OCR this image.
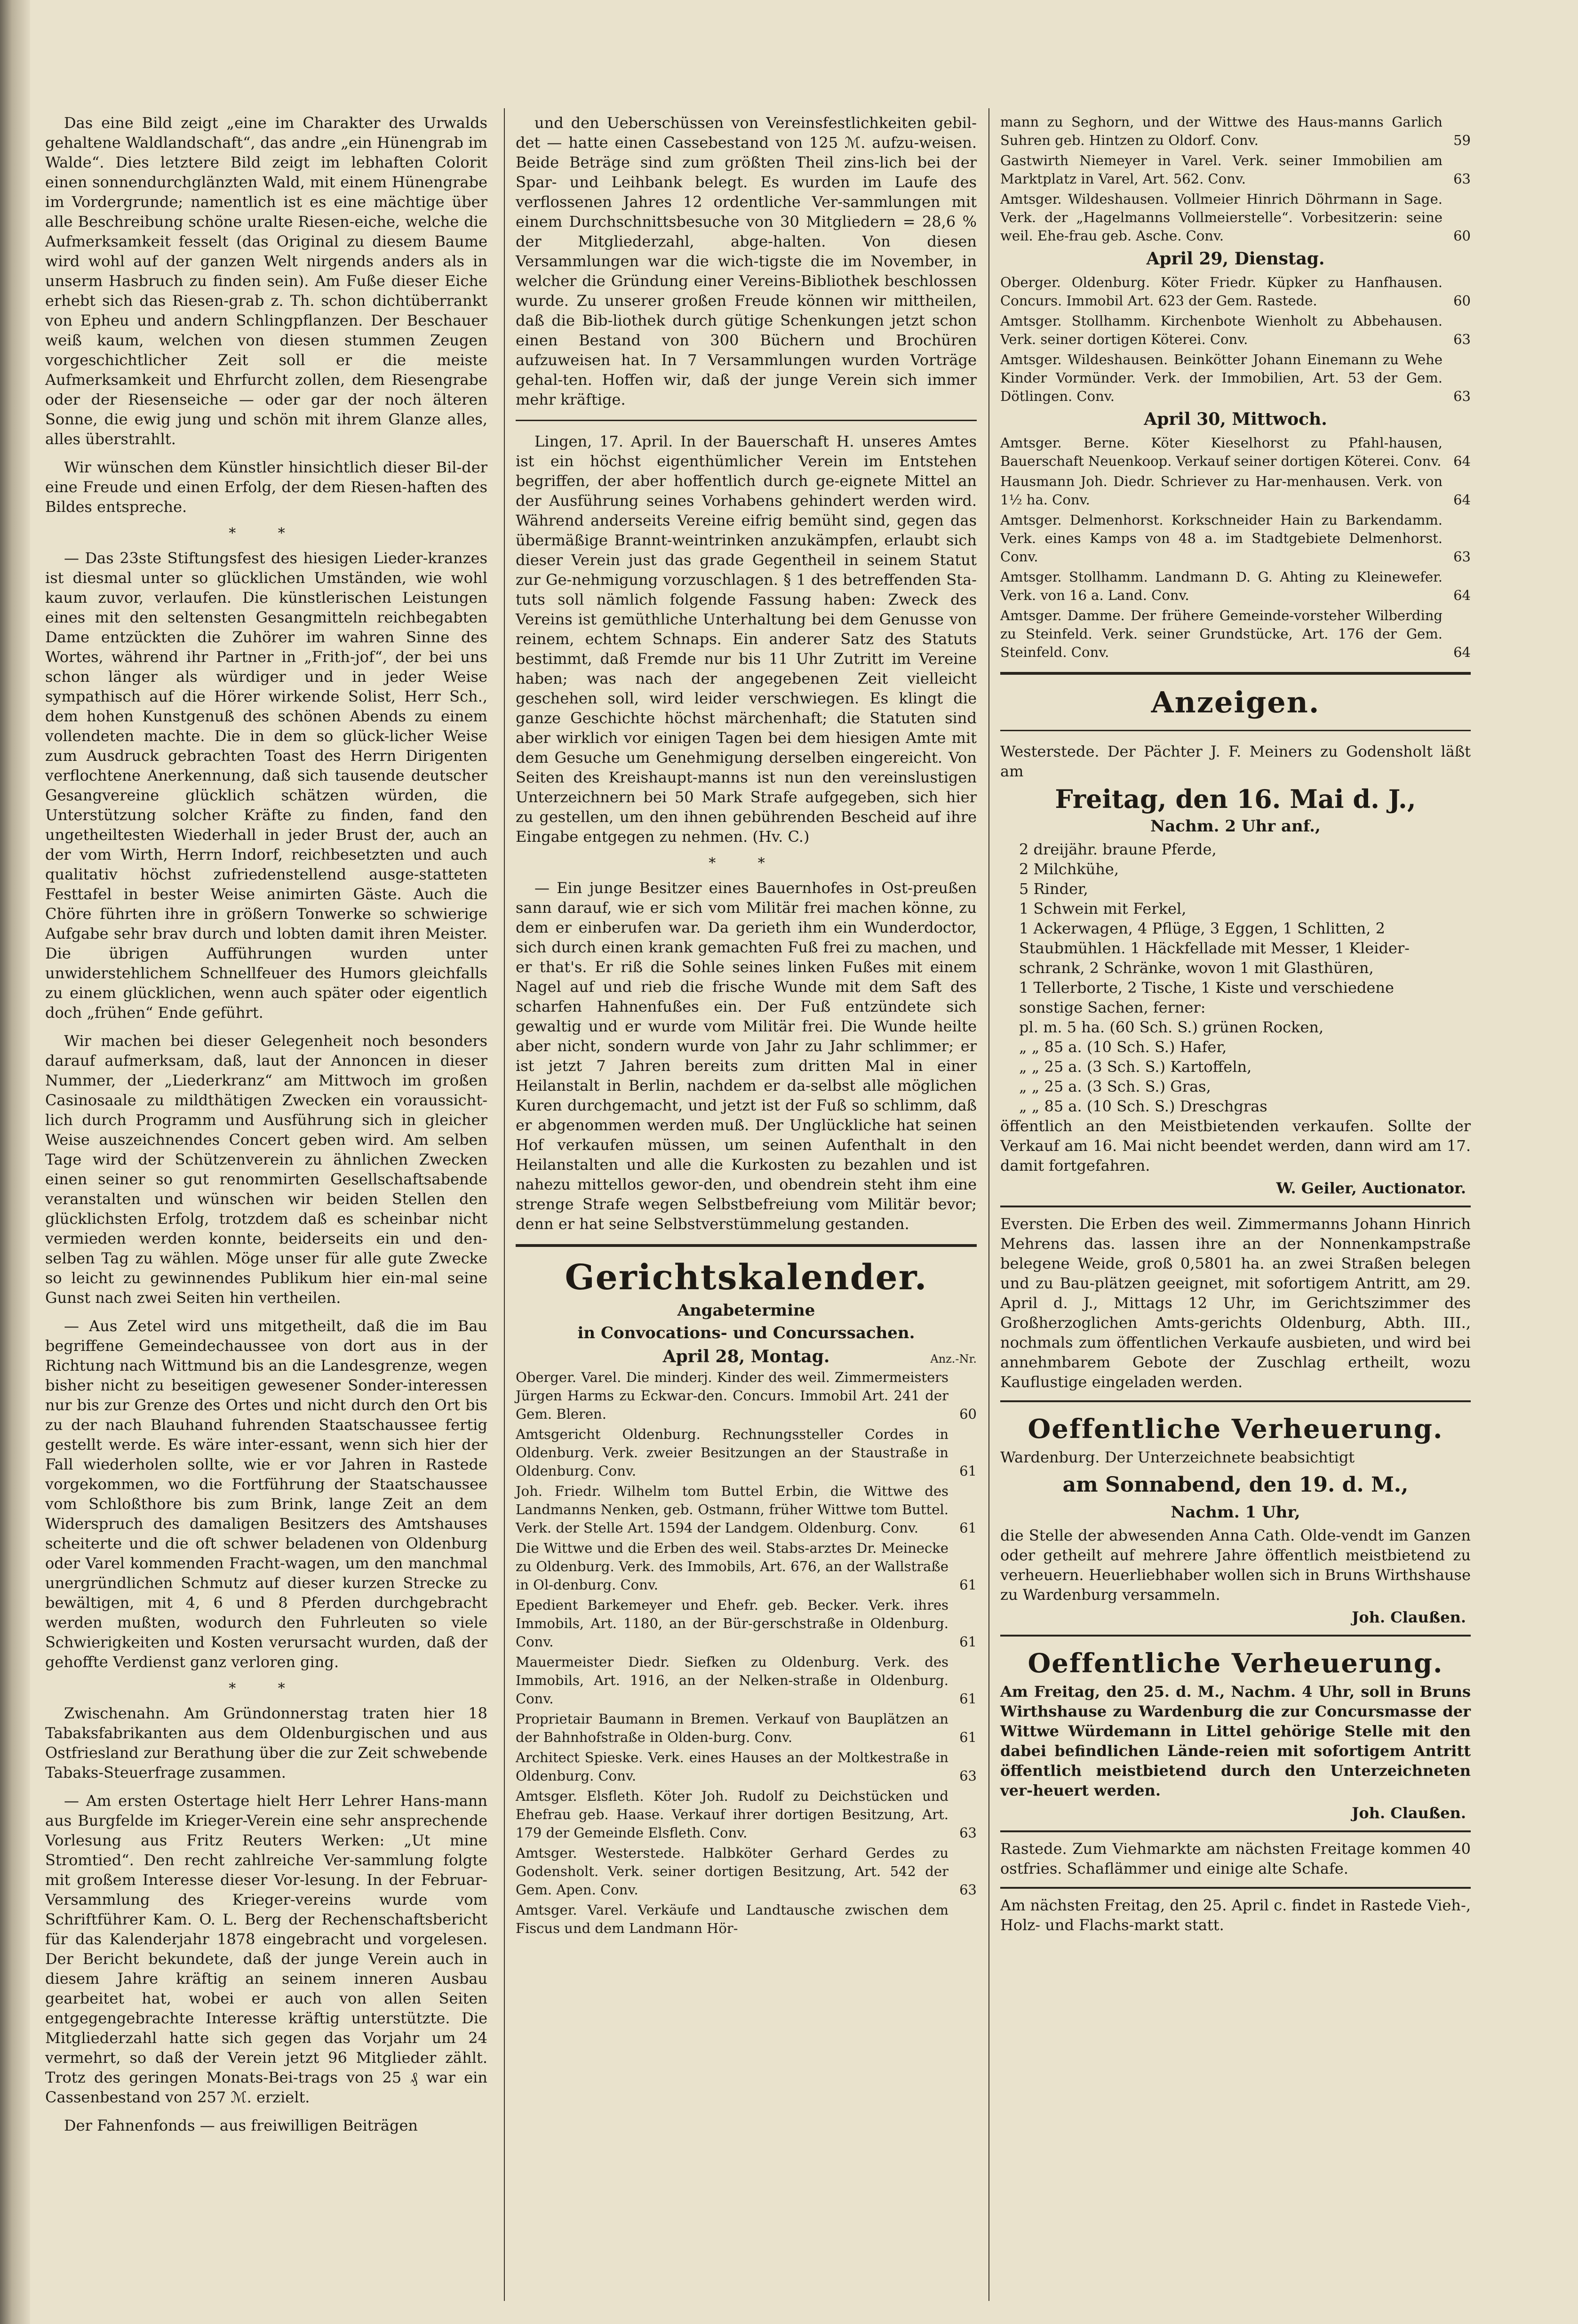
Das eine Bild zeigt „eine im Charakter des Urwalds gehaltene Waldlandschaft“, das andre „ein Hünengrab im Walde“. Dies letztere Bild zeigt im lebhaften Colorit einen sonnendurchglänzten Wald, mit einem Hünengrabe im Vordergrunde; namentlich ist es eine mächtige über alle Beschreibung schöne uralte Riesen-eiche, welche die Aufmerksamkeit fesselt (das Original zu diesem Baume wird wohl auf der ganzen Welt nirgends anders als in unserm Hasbruch zu finden sein). Am Fuße dieser Eiche erhebt sich das Riesen-grab z. Th. schon dichtüberrankt von Epheu und andern Schlingpflanzen. Der Beschauer weiß kaum, welchen von diesen stummen Zeugen vorgeschichtlicher Zeit soll er die meiste Aufmerksamkeit und Ehrfurcht zollen, dem Riesengrabe oder der Riesenseiche — oder gar der noch älteren Sonne, die ewig jung und schön mit ihrem Glanze alles, alles überstrahlt.

Wir wünschen dem Künstler hinsichtlich dieser Bil-der eine Freude und einen Erfolg, der dem Riesen-haften des Bildes entspreche.

* *

— Das 23ste Stiftungsfest des hiesigen Lieder-kranzes ist diesmal unter so glücklichen Umständen, wie wohl kaum zuvor, verlaufen. Die künstlerischen Leistungen eines mit den seltensten Gesangmitteln reichbegabten Dame entzückten die Zuhörer im wahren Sinne des Wortes, während ihr Partner in „Frith-jof“, der bei uns schon länger als würdiger und in jeder Weise sympathisch auf die Hörer wirkende Solist, Herr Sch., dem hohen Kunstgenuß des schönen Abends zu einem vollendeten machte. Die in dem so glück-licher Weise zum Ausdruck gebrachten Toast des Herrn Dirigenten verflochtene Anerkennung, daß sich tausende deutscher Gesangvereine glücklich schätzen würden, die Unterstützung solcher Kräfte zu finden, fand den ungetheiltesten Wiederhall in jeder Brust der, auch an der vom Wirth, Herrn Indorf, reichbesetzten und auch qualitativ höchst zufriedenstellend ausge-statteten Festtafel in bester Weise animirten Gäste. Auch die Chöre führten ihre in größern Tonwerke so schwierige Aufgabe sehr brav durch und lobten damit ihren Meister. Die übrigen Aufführungen wurden unter unwiderstehlichem Schnellfeuer des Humors gleichfalls zu einem glücklichen, wenn auch später oder eigentlich doch „frühen“ Ende geführt.

Wir machen bei dieser Gelegenheit noch besonders darauf aufmerksam, daß, laut der Annoncen in dieser Nummer, der „Liederkranz“ am Mittwoch im großen Casinosaale zu mildthätigen Zwecken ein voraussicht-lich durch Programm und Ausführung sich in gleicher Weise auszeichnendes Concert geben wird. Am selben Tage wird der Schützenverein zu ähnlichen Zwecken einen seiner so gut renommirten Gesellschaftsabende veranstalten und wünschen wir beiden Stellen den glücklichsten Erfolg, trotzdem daß es scheinbar nicht vermieden werden konnte, beiderseits ein und den-selben Tag zu wählen. Möge unser für alle gute Zwecke so leicht zu gewinnendes Publikum hier ein-mal seine Gunst nach zwei Seiten hin vertheilen.

— Aus Zetel wird uns mitgetheilt, daß die im Bau begriffene Gemeindechaussee von dort aus in der Richtung nach Wittmund bis an die Landesgrenze, wegen bisher nicht zu beseitigen gewesener Sonder-interessen nur bis zur Grenze des Ortes und nicht durch den Ort bis zu der nach Blauhand fuhrenden Staatschaussee fertig gestellt werde. Es wäre inter-essant, wenn sich hier der Fall wiederholen sollte, wie er vor Jahren in Rastede vorgekommen, wo die Fortführung der Staatschaussee vom Schloßthore bis zum Brink, lange Zeit an dem Widerspruch des damaligen Besitzers des Amtshauses scheiterte und die oft schwer beladenen von Oldenburg oder Varel kommenden Fracht-wagen, um den manchmal unergründlichen Schmutz auf dieser kurzen Strecke zu bewältigen, mit 4, 6 und 8 Pferden durchgebracht werden mußten, wodurch den Fuhrleuten so viele Schwierigkeiten und Kosten verursacht wurden, daß der gehoffte Verdienst ganz verloren ging.

* *

Zwischenahn. Am Gründonnerstag traten hier 18 Tabaksfabrikanten aus dem Oldenburgischen und aus Ostfriesland zur Berathung über die zur Zeit schwebende Tabaks-Steuerfrage zusammen.

— Am ersten Ostertage hielt Herr Lehrer Hans-mann aus Burgfelde im Krieger-Verein eine sehr ansprechende Vorlesung aus Fritz Reuters Werken: „Ut mine Stromtied“. Den recht zahlreiche Ver-sammlung folgte mit großem Interesse dieser Vor-lesung. In der Februar-Versammlung des Krieger-vereins wurde vom Schriftführer Kam. O. L. Berg der Rechenschaftsbericht für das Kalenderjahr 1878 eingebracht und vorgelesen. Der Bericht bekundete, daß der junge Verein auch in diesem Jahre kräftig an seinem inneren Ausbau gearbeitet hat, wobei er auch von allen Seiten entgegengebrachte Interesse kräftig unterstützte. Die Mitgliederzahl hatte sich gegen das Vorjahr um 24 vermehrt, so daß der Verein jetzt 96 Mitglieder zählt. Trotz des geringen Monats-Bei-trags von 25 ₰ war ein Cassenbestand von 257 ℳ. erzielt.

Der Fahnenfonds — aus freiwilligen Beiträgen

und den Ueberschüssen von Vereinsfestlichkeiten gebil-det — hatte einen Cassebestand von 125 ℳ. aufzu-weisen. Beide Beträge sind zum größten Theil zins-lich bei der Spar- und Leihbank belegt. Es wurden im Laufe des verflossenen Jahres 12 ordentliche Ver-sammlungen mit einem Durchschnittsbesuche von 30 Mitgliedern = 28,6 % der Mitgliederzahl, abge-halten. Von diesen Versammlungen war die wich-tigste die im November, in welcher die Gründung einer Vereins-Bibliothek beschlossen wurde. Zu unserer großen Freude können wir mittheilen, daß die Bib-liothek durch gütige Schenkungen jetzt schon einen Bestand von 300 Büchern und Brochüren aufzuweisen hat. In 7 Versammlungen wurden Vorträge gehal-ten. Hoffen wir, daß der junge Verein sich immer mehr kräftige.

Lingen, 17. April. In der Bauerschaft H. unseres Amtes ist ein höchst eigenthümlicher Verein im Entstehen begriffen, der aber hoffentlich durch ge-eignete Mittel an der Ausführung seines Vorhabens gehindert werden wird. Während anderseits Vereine eifrig bemüht sind, gegen das übermäßige Brannt-weintrinken anzukämpfen, erlaubt sich dieser Verein just das grade Gegentheil in seinem Statut zur Ge-nehmigung vorzuschlagen. § 1 des betreffenden Sta-tuts soll nämlich folgende Fassung haben: Zweck des Vereins ist gemüthliche Unterhaltung bei dem Genusse von reinem, echtem Schnaps. Ein anderer Satz des Statuts bestimmt, daß Fremde nur bis 11 Uhr Zutritt im Vereine haben; was nach der angegebenen Zeit vielleicht geschehen soll, wird leider verschwiegen. Es klingt die ganze Geschichte höchst märchenhaft; die Statuten sind aber wirklich vor einigen Tagen bei dem hiesigen Amte mit dem Gesuche um Genehmigung derselben eingereicht. Von Seiten des Kreishaupt-manns ist nun den vereinslustigen Unterzeichnern bei 50 Mark Strafe aufgegeben, sich hier zu gestellen, um den ihnen gebührenden Bescheid auf ihre Eingabe entgegen zu nehmen. (Hv. C.)

* *

— Ein junge Besitzer eines Bauernhofes in Ost-preußen sann darauf, wie er sich vom Militär frei machen könne, zu dem er einberufen war. Da gerieth ihm ein Wunderdoctor, sich durch einen krank gemachten Fuß frei zu machen, und er that's. Er riß die Sohle seines linken Fußes mit einem Nagel auf und rieb die frische Wunde mit dem Saft des scharfen Hahnenfußes ein. Der Fuß entzündete sich gewaltig und er wurde vom Militär frei. Die Wunde heilte aber nicht, sondern wurde von Jahr zu Jahr schlimmer; er ist jetzt 7 Jahren bereits zum dritten Mal in einer Heilanstalt in Berlin, nachdem er da-selbst alle möglichen Kuren durchgemacht, und jetzt ist der Fuß so schlimm, daß er abgenommen werden muß. Der Unglückliche hat seinen Hof verkaufen müssen, um seinen Aufenthalt in den Heilanstalten und alle die Kurkosten zu bezahlen und ist nahezu mittellos gewor-den, und obendrein steht ihm eine strenge Strafe wegen Selbstbefreiung vom Militär bevor; denn er hat seine Selbstverstümmelung gestanden.

Gerichtskalender.
Angabetermine
in Convocations- und Concurssachen.
April 28, Montag.	Anz.-Nr.
Oberger. Varel. Die minderj. Kinder des weil. Zimmermeisters Jürgen Harms zu Eckwar-den. Concurs. Immobil Art. 241 der Gem. Bleren.	60
Amtsgericht Oldenburg. Rechnungssteller Cordes in Oldenburg. Verk. zweier Besitzungen an der Staustraße in Oldenburg. Conv.	61
Joh. Friedr. Wilhelm tom Buttel Erbin, die Wittwe des Landmanns Nenken, geb. Ostmann, früher Wittwe tom Buttel. Verk. der Stelle Art. 1594 der Landgem. Oldenburg. Conv.	61
Die Wittwe und die Erben des weil. Stabs-arztes Dr. Meinecke zu Oldenburg. Verk. des Immobils, Art. 676, an der Wallstraße in Ol-denburg. Conv.	61
Epedient Barkemeyer und Ehefr. geb. Becker. Verk. ihres Immobils, Art. 1180, an der Bür-gerschstraße in Oldenburg. Conv.	61
Mauermeister Diedr. Siefken zu Oldenburg. Verk. des Immobils, Art. 1916, an der Nelken-straße in Oldenburg. Conv.	61
Proprietair Baumann in Bremen. Verkauf von Bauplätzen an der Bahnhofstraße in Olden-burg. Conv.	61
Architect Spieske. Verk. eines Hauses an der Moltkestraße in Oldenburg. Conv.	63
Amtsger. Elsfleth. Köter Joh. Rudolf zu Deichstücken und Ehefrau geb. Haase. Verkauf ihrer dortigen Besitzung, Art. 179 der Gemeinde Elsfleth. Conv.	63
Amtsger. Westerstede. Halbköter Gerhard Gerdes zu Godensholt. Verk. seiner dortigen Besitzung, Art. 542 der Gem. Apen. Conv.	63
Amtsger. Varel. Verkäufe und Landtausche zwischen dem Fiscus und dem Landmann Hör-
mann zu Seghorn, und der Wittwe des Haus-manns Garlich Suhren geb. Hintzen zu Oldorf. Conv.	59
Gastwirth Niemeyer in Varel. Verk. seiner Immobilien am Marktplatz in Varel, Art. 562. Conv.	63
Amtsger. Wildeshausen. Vollmeier Hinrich Döhrmann in Sage. Verk. der „Hagelmanns Vollmeierstelle“. Vorbesitzerin: seine weil. Ehe-frau geb. Asche. Conv.	60
April 29, Dienstag.
Oberger. Oldenburg. Köter Friedr. Küpker zu Hanfhausen. Concurs. Immobil Art. 623 der Gem. Rastede.	60
Amtsger. Stollhamm. Kirchenbote Wienholt zu Abbehausen. Verk. seiner dortigen Köterei. Conv.	63
Amtsger. Wildeshausen. Beinkötter Johann Einemann zu Wehe Kinder Vormünder. Verk. der Immobilien, Art. 53 der Gem. Dötlingen. Conv.	63
April 30, Mittwoch.
Amtsger. Berne. Köter Kieselhorst zu Pfahl-hausen, Bauerschaft Neuenkoop. Verkauf seiner dortigen Köterei. Conv. 64
Hausmann Joh. Diedr. Schriever zu Har-menhausen. Verk. von 1½ ha. Conv.	64
Amtsger. Delmenhorst. Korkschneider Hain zu Barkendamm. Verk. eines Kamps von 48 a. im Stadtgebiete Delmenhorst. Conv.	63
Amtsger. Stollhamm. Landmann D. G. Ahting zu Kleinewefer. Verk. von 16 a. Land. Conv.	64
Amtsger. Damme. Der frühere Gemeinde-vorsteher Wilberding zu Steinfeld. Verk. seiner Grundstücke, Art. 176 der Gem. Steinfeld. Conv.	64
Anzeigen.
Westerstede. Der Pächter J. F. Meiners zu Godensholt läßt am
Freitag, den 16. Mai d. J.,
Nachm. 2 Uhr anf.,
2 dreijähr. braune Pferde,
2 Milchkühe,
5 Rinder,
1 Schwein mit Ferkel,
1 Ackerwagen, 4 Pflüge, 3 Eggen, 1 Schlitten, 2
Staubmühlen. 1 Häckfellade mit Messer, 1 Kleider-
schrank, 2 Schränke, wovon 1 mit Glasthüren,
1 Tellerborte, 2 Tische, 1 Kiste und verschiedene
sonstige Sachen, ferner:
pl. m. 5 ha. (60 Sch. S.) grünen Rocken,
„ „ 85 a. (10 Sch. S.) Hafer,
„ „ 25 a. (3 Sch. S.) Kartoffeln,
„ „ 25 a. (3 Sch. S.) Gras,
„ „ 85 a. (10 Sch. S.) Dreschgras
öffentlich an den Meistbietenden verkaufen. Sollte der Verkauf am 16. Mai nicht beendet werden, dann wird am 17. damit fortgefahren.
W. Geiler, Auctionator.
Eversten. Die Erben des weil. Zimmermanns Johann Hinrich Mehrens das. lassen ihre an der Nonnenkampstraße belegene Weide, groß 0,5801 ha. an zwei Straßen belegen und zu Bau-plätzen geeignet, mit sofortigem Antritt, am 29. April d. J., Mittags 12 Uhr, im Gerichtszimmer des Großherzoglichen Amts-gerichts Oldenburg, Abth. III., nochmals zum öffentlichen Verkaufe ausbieten, und wird bei annehmbarem Gebote der Zuschlag ertheilt, wozu Kauflustige eingeladen werden.
Oeffentliche Verheuerung.
Wardenburg. Der Unterzeichnete beabsichtigt
am Sonnabend, den 19. d. M.,
Nachm. 1 Uhr,
die Stelle der abwesenden Anna Cath. Olde-vendt im Ganzen oder getheilt auf mehrere Jahre öffentlich meistbietend zu verheuern. Heuerliebhaber wollen sich in Bruns Wirthshause zu Wardenburg versammeln.
Joh. Claußen.
Oeffentliche Verheuerung.
Am Freitag, den 25. d. M., Nachm. 4 Uhr, soll in Bruns Wirthshause zu Wardenburg die zur Concursmasse der Wittwe Würdemann in Littel gehörige Stelle mit den dabei befindlichen Lände-reien mit sofortigem Antritt öffentlich meistbietend durch den Unterzeichneten ver-heuert werden.
Joh. Claußen.
Rastede. Zum Viehmarkte am nächsten Freitage kommen 40 ostfries. Schaflämmer und einige alte Schafe.
Am nächsten Freitag, den 25. April c. findet in Rastede Vieh-, Holz- und Flachs-markt statt.
